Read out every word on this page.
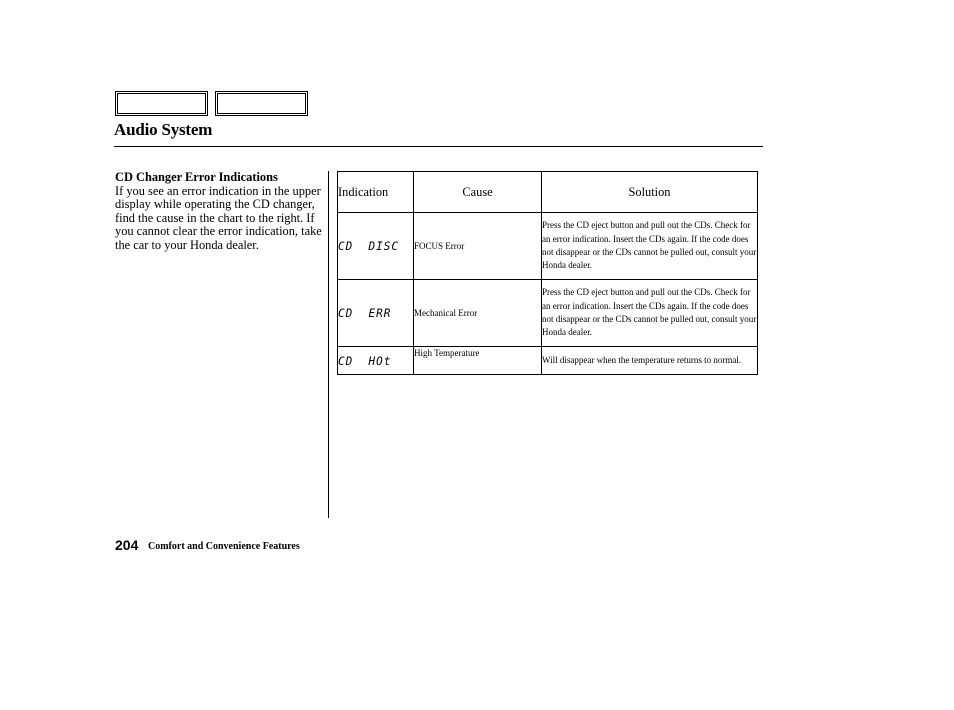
Audio System
CD Changer Error Indications
If you see an error indication in the upper display while operating the CD changer, find the cause in the chart to the right. If you cannot clear the error indication, take the car to your Honda dealer.
Indication	Cause	Solution
CD  DISC	FOCUS Error	Press the CD eject button and pull out the CDs. Check for an error indication. Insert the CDs again. If the code does not disappear or the CDs cannot be pulled out, consult your Honda dealer.
CD  ERR	Mechanical Error	Press the CD eject button and pull out the CDs. Check for an error indication. Insert the CDs again. If the code does not disappear or the CDs cannot be pulled out, consult your Honda dealer.
CD  HOt	High Temperature	Will disappear when the temperature returns to normal.
204 Comfort and Convenience Features
